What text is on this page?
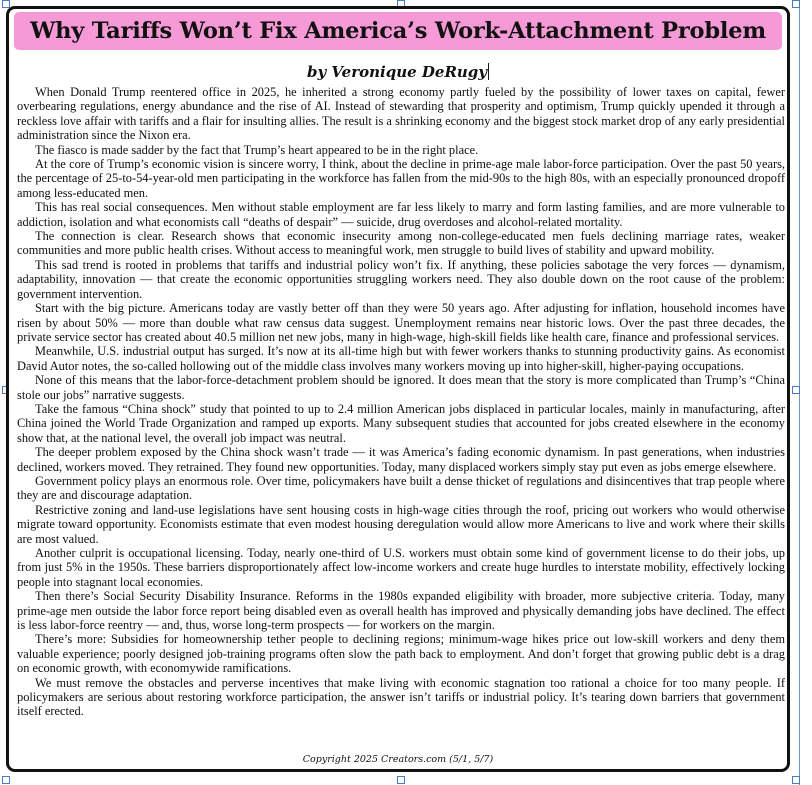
Why Tariffs Won’t Fix America’s Work-Attachment Problem
by Veronique DeRugy

When Donald Trump reentered office in 2025, he inherited a strong economy partly fueled by the possibility of lower taxes on capital, fewer overbearing regulations, energy abundance and the rise of AI. Instead of stewarding that prosperity and optimism, Trump quickly upended it through a reckless love affair with tariffs and a flair for insulting allies. The result is a shrinking economy and the biggest stock market drop of any early presidential administration since the Nixon era.

The fiasco is made sadder by the fact that Trump’s heart appeared to be in the right place.

At the core of Trump’s economic vision is sincere worry, I think, about the decline in prime-age male labor-force participation. Over the past 50 years, the percentage of 25-to-54-year-old men participating in the workforce has fallen from the mid-90s to the high 80s, with an especially pronounced dropoff among less-educated men.

This has real social consequences. Men without stable employment are far less likely to marry and form lasting families, and are more vulnerable to addiction, isolation and what economists call “deaths of despair” — suicide, drug overdoses and alcohol-related mortality.

The connection is clear. Research shows that economic insecurity among non-college-educated men fuels declining marriage rates, weaker communities and more public health crises. Without access to meaningful work, men struggle to build lives of stability and upward mobility.

This sad trend is rooted in problems that tariffs and industrial policy won’t fix. If anything, these policies sabotage the very forces — dynamism, adaptability, innovation — that create the economic opportunities struggling workers need. They also double down on the root cause of the problem: government intervention.

Start with the big picture. Americans today are vastly better off than they were 50 years ago. After adjusting for inflation, household incomes have risen by about 50% — more than double what raw census data suggest. Unemployment remains near historic lows. Over the past three decades, the private service sector has created about 40.5 million net new jobs, many in high-wage, high-skill fields like health care, finance and professional services.

Meanwhile, U.S. industrial output has surged. It’s now at its all-time high but with fewer workers thanks to stunning productivity gains. As economist David Autor notes, the so-called hollowing out of the middle class involves many workers moving up into higher-skill, higher-paying occupations.

None of this means that the labor-force-detachment problem should be ignored. It does mean that the story is more complicated than Trump’s “China stole our jobs” narrative suggests.

Take the famous “China shock” study that pointed to up to 2.4 million American jobs displaced in particular locales, mainly in manufacturing, after China joined the World Trade Organization and ramped up exports. Many subsequent studies that accounted for jobs created elsewhere in the economy show that, at the national level, the overall job impact was neutral.

The deeper problem exposed by the China shock wasn’t trade — it was America’s fading economic dynamism. In past generations, when industries declined, workers moved. They retrained. They found new opportunities. Today, many displaced workers simply stay put even as jobs emerge elsewhere.

Government policy plays an enormous role. Over time, policymakers have built a dense thicket of regulations and disincentives that trap people where they are and discourage adaptation.

Restrictive zoning and land-use legislations have sent housing costs in high-wage cities through the roof, pricing out workers who would otherwise migrate toward opportunity. Economists estimate that even modest housing deregulation would allow more Americans to live and work where their skills are most valued.

Another culprit is occupational licensing. Today, nearly one-third of U.S. workers must obtain some kind of government license to do their jobs, up from just 5% in the 1950s. These barriers disproportionately affect low-income workers and create huge hurdles to interstate mobility, effectively locking people into stagnant local economies.

Then there’s Social Security Disability Insurance. Reforms in the 1980s expanded eligibility with broader, more subjective criteria. Today, many prime-age men outside the labor force report being disabled even as overall health has improved and physically demanding jobs have declined. The effect is less labor-force reentry — and, thus, worse long-term prospects — for workers on the margin.

There’s more: Subsidies for homeownership tether people to declining regions; minimum-wage hikes price out low-skill workers and deny them valuable experience; poorly designed job-training programs often slow the path back to employment. And don’t forget that growing public debt is a drag on economic growth, with economywide ramifications.

We must remove the obstacles and perverse incentives that make living with economic stagnation too rational a choice for too many people. If policymakers are serious about restoring workforce participation, the answer isn’t tariffs or industrial policy. It’s tearing down barriers that government itself erected.

Copyright 2025 Creators.com (5/1, 5/7)
